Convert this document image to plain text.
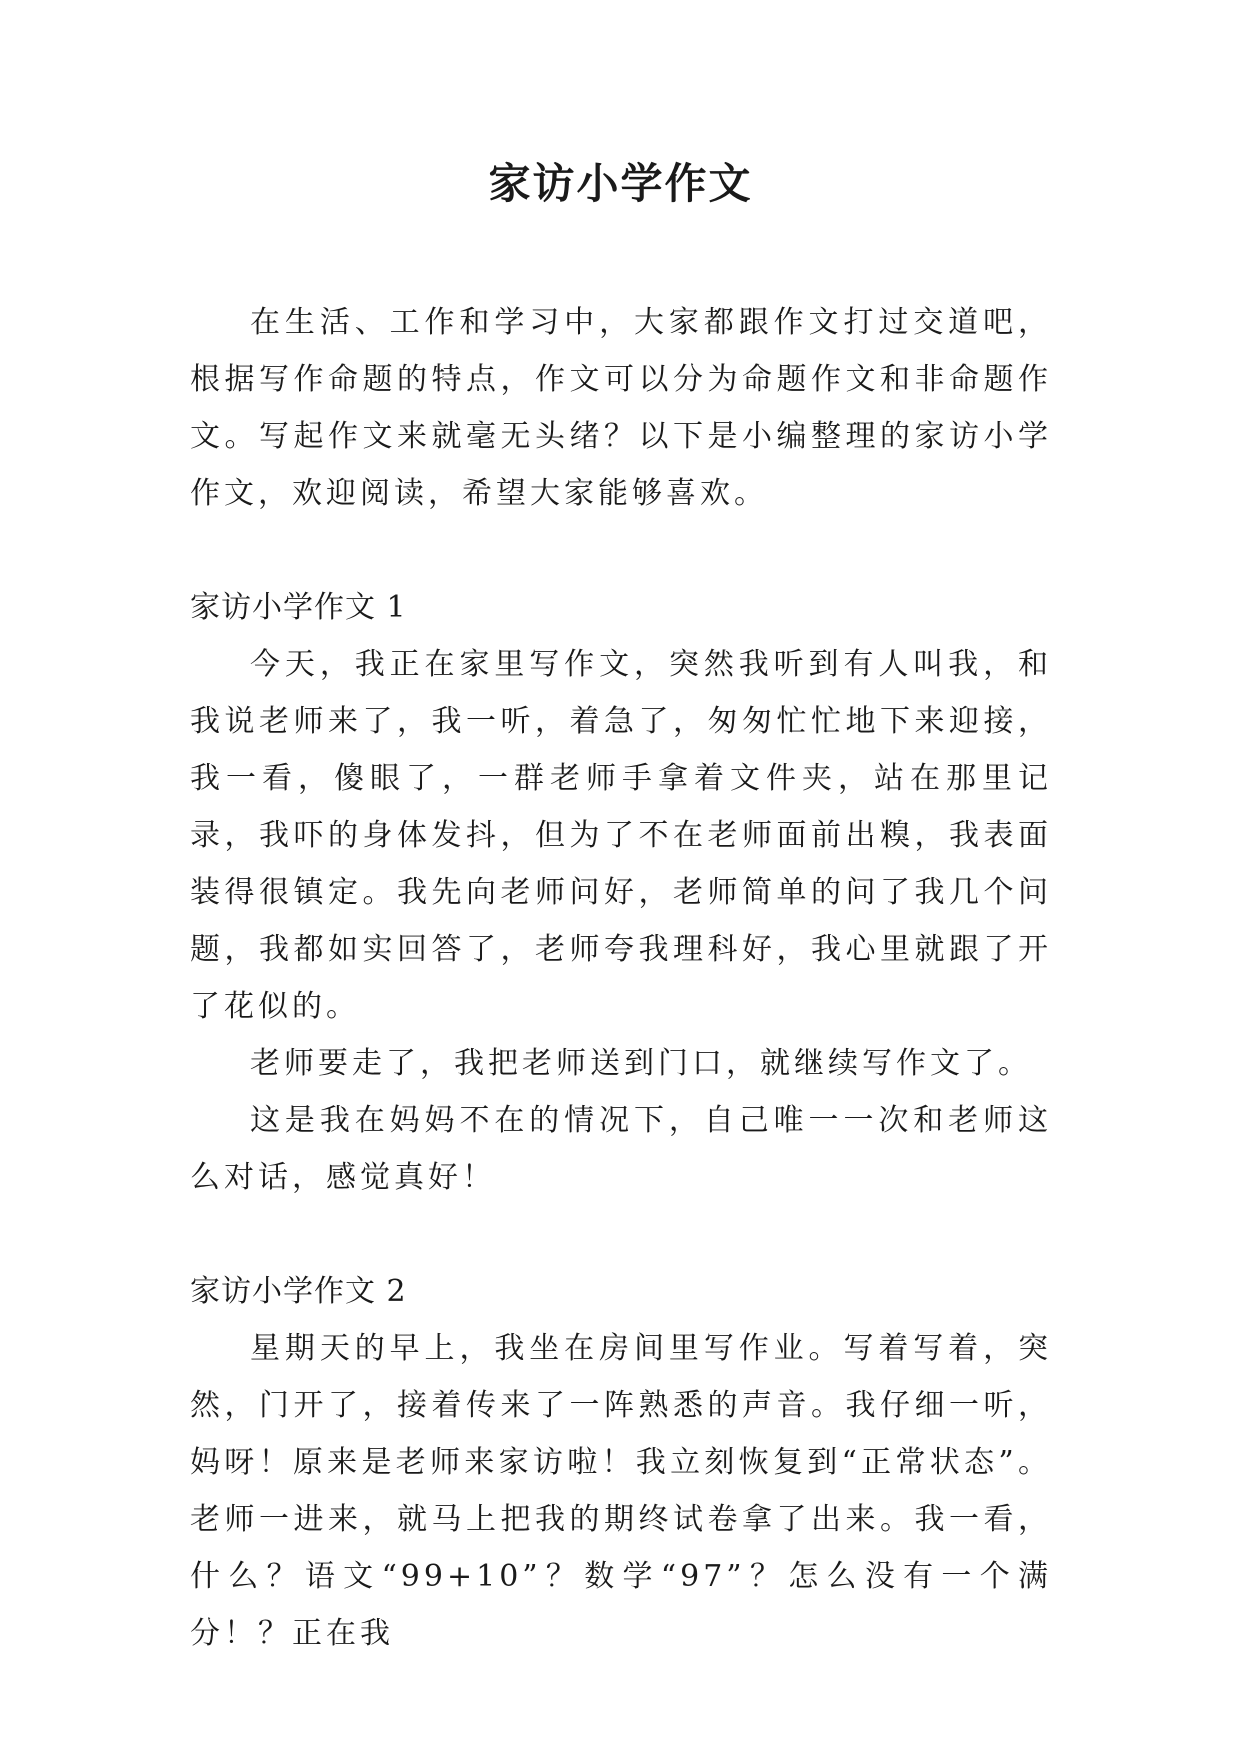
家访小学作文

在生活、工作和学习中，大家都跟作文打过交道吧，根据写作命题的特点，作文可以分为命题作文和非命题作文。写起作文来就毫无头绪？以下是小编整理的家访小学作文，欢迎阅读，希望大家能够喜欢。

家访小学作文 1

今天，我正在家里写作文，突然我听到有人叫我，和我说老师来了，我一听，着急了，匆匆忙忙地下来迎接，我一看，傻眼了，一群老师手拿着文件夹，站在那里记录，我吓的身体发抖，但为了不在老师面前出糗，我表面装得很镇定。我先向老师问好，老师简单的问了我几个问题，我都如实回答了，老师夸我理科好，我心里就跟了开了花似的。

老师要走了，我把老师送到门口，就继续写作文了。

这是我在妈妈不在的情况下，自己唯一一次和老师这么对话，感觉真好！

家访小学作文 2

星期天的早上，我坐在房间里写作业。写着写着，突然，门开了，接着传来了一阵熟悉的声音。我仔细一听，妈呀！原来是老师来家访啦！我立刻恢复到“正常状态”。老师一进来，就马上把我的期终试卷拿了出来。我一看，什么？语文“99+10”？数学“97”？怎么没有一个满分！？正在我
